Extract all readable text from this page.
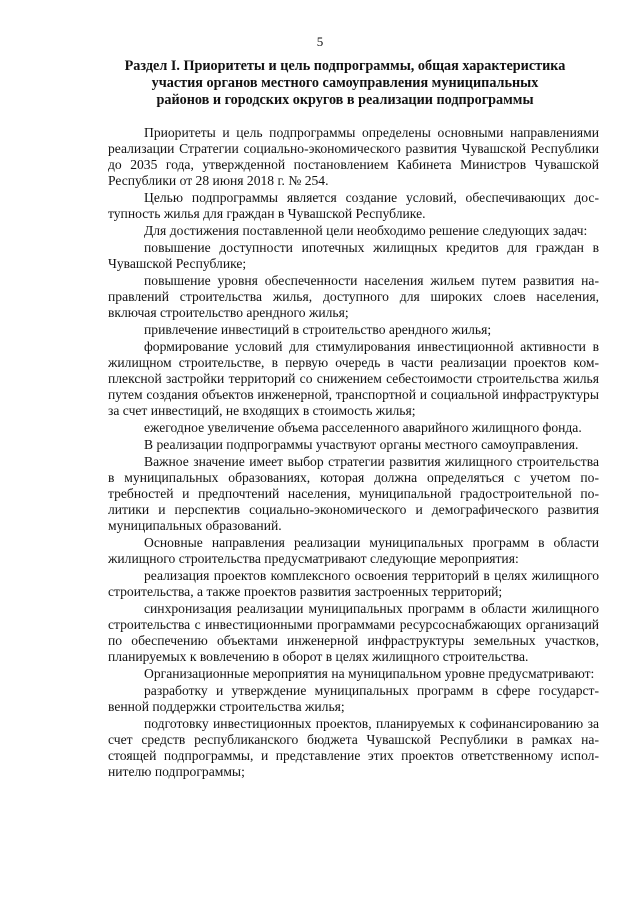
5
Раздел I. Приоритеты и цель подпрограммы, общая характеристика
участия органов местного самоуправления муниципальных
районов и городских округов в реализации подпрограммы

Приоритеты и цель подпрограммы определены основными направлениями реализации Стратегии социально-экономического развития Чувашской Республики до 2035 года, утвержденной постановлением Кабинета Министров Чувашской Республики от 28 июня 2018 г. № 254.

Целью подпрограммы является создание условий, обеспечивающих доступность жилья для граждан в Чувашской Республике.

Для достижения поставленной цели необходимо решение следующих задач:

повышение доступности ипотечных жилищных кредитов для граждан в Чувашской Республике;

повышение уровня обеспеченности населения жильем путем развития направлений строительства жилья, доступного для широких слоев населения, включая строительство арендного жилья;

привлечение инвестиций в строительство арендного жилья;

формирование условий для стимулирования инвестиционной активности в жилищном строительстве, в первую очередь в части реализации проектов комплексной застройки территорий со снижением себестоимости строительства жилья путем создания объектов инженерной, транспортной и социальной инфраструктуры за счет инвестиций, не входящих в стоимость жилья;

ежегодное увеличение объема расселенного аварийного жилищного фонда.

В реализации подпрограммы участвуют органы местного самоуправления.

Важное значение имеет выбор стратегии развития жилищного строительства в муниципальных образованиях, которая должна определяться с учетом потребностей и предпочтений населения, муниципальной градостроительной политики и перспектив социально-экономического и демографического развития муниципальных образований.

Основные направления реализации муниципальных программ в области жилищного строительства предусматривают следующие мероприятия:

реализация проектов комплексного освоения территорий в целях жилищного строительства, а также проектов развития застроенных территорий;

синхронизация реализации муниципальных программ в области жилищного строительства с инвестиционными программами ресурсоснабжающих организаций по обеспечению объектами инженерной инфраструктуры земельных участков, планируемых к вовлечению в оборот в целях жилищного строительства.

Организационные мероприятия на муниципальном уровне предусматривают:

разработку и утверждение муниципальных программ в сфере государственной поддержки строительства жилья;

подготовку инвестиционных проектов, планируемых к софинансированию за счет средств республиканского бюджета Чувашской Республики в рамках настоящей подпрограммы, и представление этих проектов ответственному исполнителю подпрограммы;
